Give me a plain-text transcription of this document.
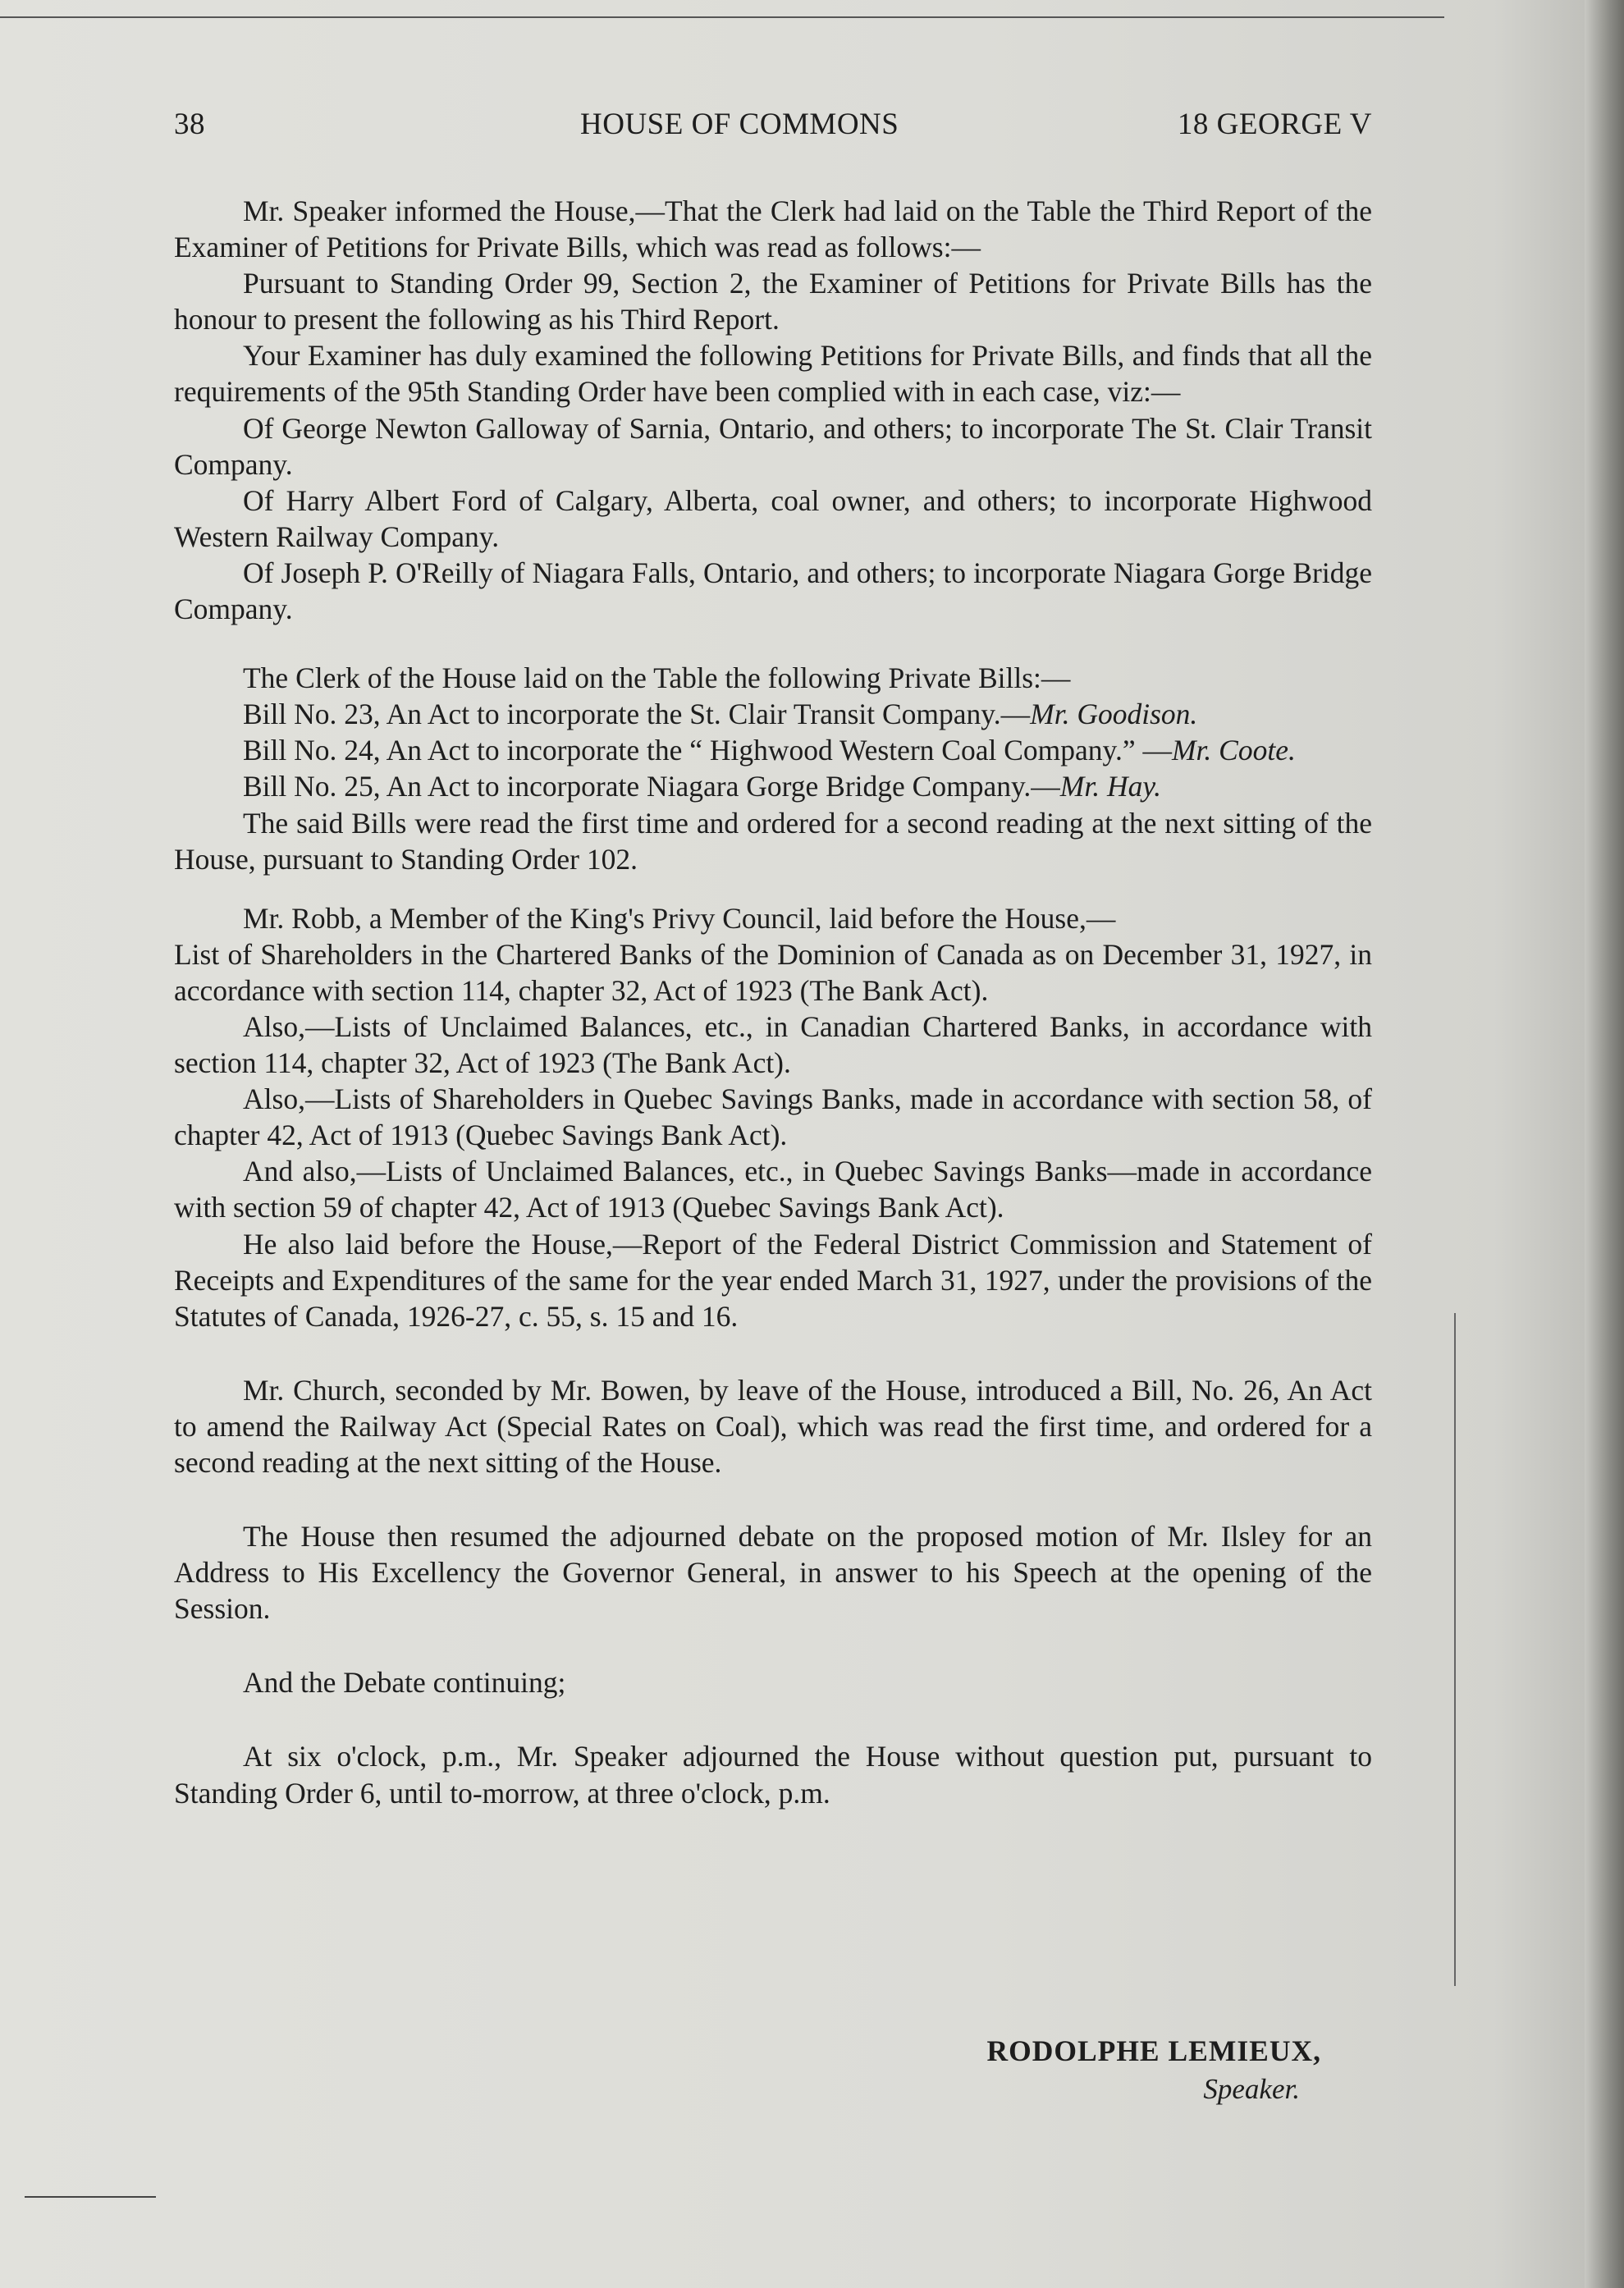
38	HOUSE OF COMMONS	18 GEORGE V

Mr. Speaker informed the House,—That the Clerk had laid on the Table the Third Report of the Examiner of Petitions for Private Bills, which was read as follows:—

Pursuant to Standing Order 99, Section 2, the Examiner of Petitions for Private Bills has the honour to present the following as his Third Report.

Your Examiner has duly examined the following Petitions for Private Bills, and finds that all the requirements of the 95th Standing Order have been complied with in each case, viz:—

Of George Newton Galloway of Sarnia, Ontario, and others; to incorporate The St. Clair Transit Company.

Of Harry Albert Ford of Calgary, Alberta, coal owner, and others; to incorporate Highwood Western Railway Company.

Of Joseph P. O'Reilly of Niagara Falls, Ontario, and others; to incorporate Niagara Gorge Bridge Company.

The Clerk of the House laid on the Table the following Private Bills:—

Bill No. 23, An Act to incorporate the St. Clair Transit Company.—Mr. Goodison.

Bill No. 24, An Act to incorporate the “ Highwood Western Coal Company.” —Mr. Coote.

Bill No. 25, An Act to incorporate Niagara Gorge Bridge Company.—Mr. Hay.

The said Bills were read the first time and ordered for a second reading at the next sitting of the House, pursuant to Standing Order 102.

Mr. Robb, a Member of the King's Privy Council, laid before the House,—

List of Shareholders in the Chartered Banks of the Dominion of Canada as on December 31, 1927, in accordance with section 114, chapter 32, Act of 1923 (The Bank Act).

Also,—Lists of Unclaimed Balances, etc., in Canadian Chartered Banks, in accordance with section 114, chapter 32, Act of 1923 (The Bank Act).

Also,—Lists of Shareholders in Quebec Savings Banks, made in accordance with section 58, of chapter 42, Act of 1913 (Quebec Savings Bank Act).

And also,—Lists of Unclaimed Balances, etc., in Quebec Savings Banks—made in accordance with section 59 of chapter 42, Act of 1913 (Quebec Savings Bank Act).

He also laid before the House,—Report of the Federal District Commission and Statement of Receipts and Expenditures of the same for the year ended March 31, 1927, under the provisions of the Statutes of Canada, 1926-27, c. 55, s. 15 and 16.

Mr. Church, seconded by Mr. Bowen, by leave of the House, introduced a Bill, No. 26, An Act to amend the Railway Act (Special Rates on Coal), which was read the first time, and ordered for a second reading at the next sitting of the House.

The House then resumed the adjourned debate on the proposed motion of Mr. Ilsley for an Address to His Excellency the Governor General, in answer to his Speech at the opening of the Session.

And the Debate continuing;

At six o'clock, p.m., Mr. Speaker adjourned the House without question put, pursuant to Standing Order 6, until to-morrow, at three o'clock, p.m.

RODOLPHE LEMIEUX,
Speaker.
